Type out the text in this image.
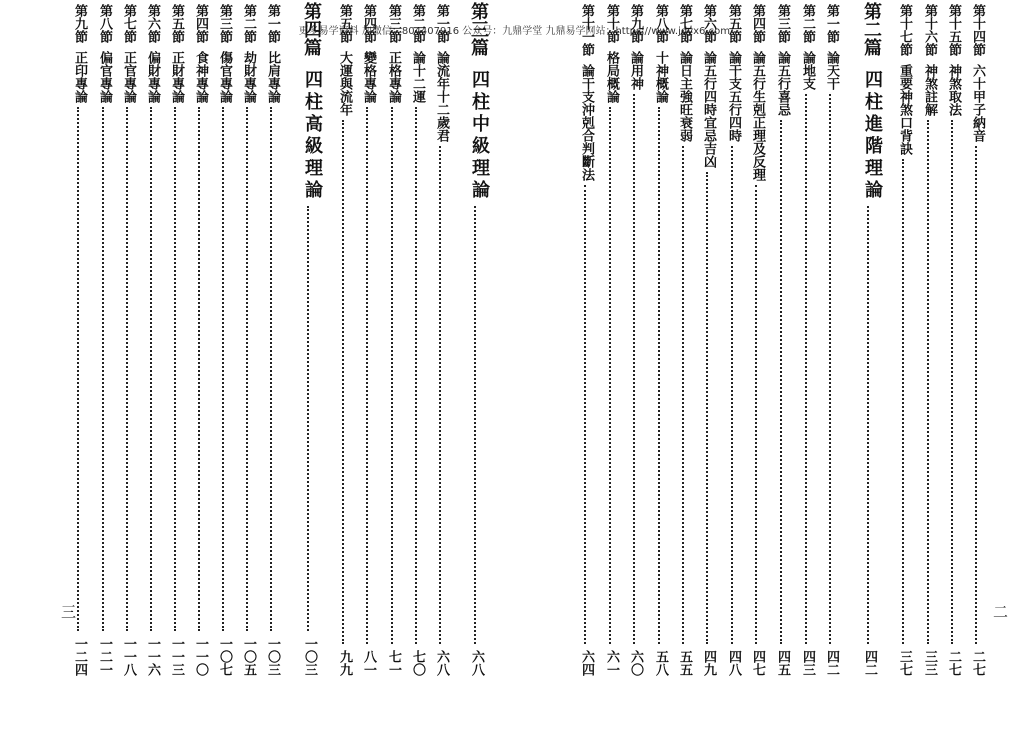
更多易学资料 加微信：804407916 公众号：九鼎学堂 九鼎易学网站：https://www.jdyx6.com/
三	二
第十四節
六十甲子納音
二七
第十五節
神煞取法
二七
第十六節
神煞註解
三三
第十七節
重要神煞口背訣
三七
第二篇
四柱進階理論
四二
第一節
論天干
四二
第二節
論地支
四三
第三節
論五行喜忌
四五
第四節
論五行生剋正理及反理
四七
第五節
論干支五行四時
四八
第六節
論五行四時宜忌吉凶
四九
第七節
論日主強旺衰弱
五五
第八節
十神概論
五八
第九節
論用神
六〇
第十節
格局概論
六一
第十一節
論干支沖剋合判斷法
六四
第三篇
四柱中級理論
六八
第一節
論流年十二歲君
六八
第二節
論十二運
七〇
第三節
正格專論
七一
第四節
變格專論
八一
第五節
大運與流年
九九
第四篇
四柱高級理論
一〇三
第一節
比肩專論
一〇三
第二節
劫財專論
一〇五
第三節
傷官專論
一〇七
第四節
食神專論
一一〇
第五節
正財專論
一一三
第六節
偏財專論
一一六
第七節
正官專論
一一八
第八節
偏官專論
一二一
第九節
正印專論
一二四
